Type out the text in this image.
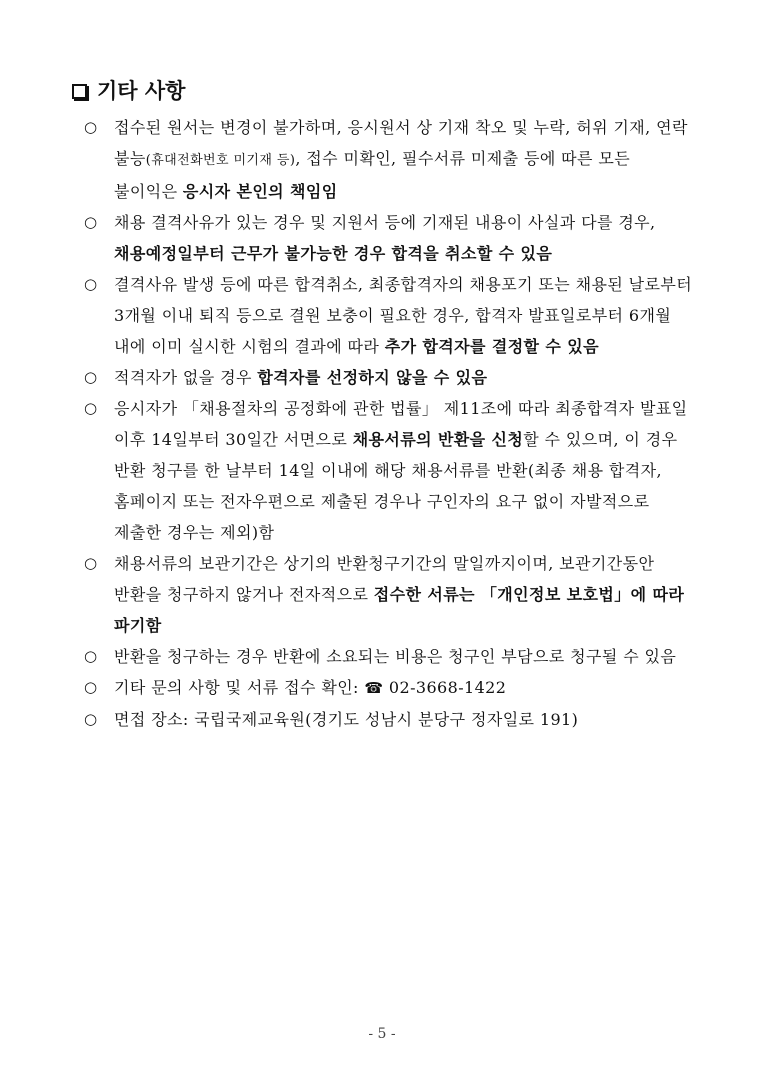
기타 사항
○	접수된 원서는 변경이 불가하며, 응시원서 상 기재 착오 및 누락, 허위 기재, 연락 불능(휴대전화번호 미기재 등), 접수 미확인, 필수서류 미제출 등에 따른 모든 불이익은 응시자 본인의 책임임
○	채용 결격사유가 있는 경우 및 지원서 등에 기재된 내용이 사실과 다를 경우, 채용예정일부터 근무가 불가능한 경우 합격을 취소할 수 있음
○	결격사유 발생 등에 따른 합격취소, 최종합격자의 채용포기 또는 채용된 날로부터 3개월 이내 퇴직 등으로 결원 보충이 필요한 경우, 합격자 발표일로부터 6개월 내에 이미 실시한 시험의 결과에 따라 추가 합격자를 결정할 수 있음
○	적격자가 없을 경우 합격자를 선정하지 않을 수 있음
○	응시자가 「채용절차의 공정화에 관한 법률」 제11조에 따라 최종합격자 발표일 이후 14일부터 30일간 서면으로 채용서류의 반환을 신청할 수 있으며, 이 경우 반환 청구를 한 날부터 14일 이내에 해당 채용서류를 반환(최종 채용 합격자, 홈페이지 또는 전자우편으로 제출된 경우나 구인자의 요구 없이 자발적으로 제출한 경우는 제외)함
○	채용서류의 보관기간은 상기의 반환청구기간의 말일까지이며, 보관기간동안 반환을 청구하지 않거나 전자적으로 접수한 서류는 「개인정보 보호법」에 따라 파기함
○	반환을 청구하는 경우 반환에 소요되는 비용은 청구인 부담으로 청구될 수 있음
○	기타 문의 사항 및 서류 접수 확인: ☎ 02-3668-1422
○	면접 장소: 국립국제교육원(경기도 성남시 분당구 정자일로 191)
- 5 -
